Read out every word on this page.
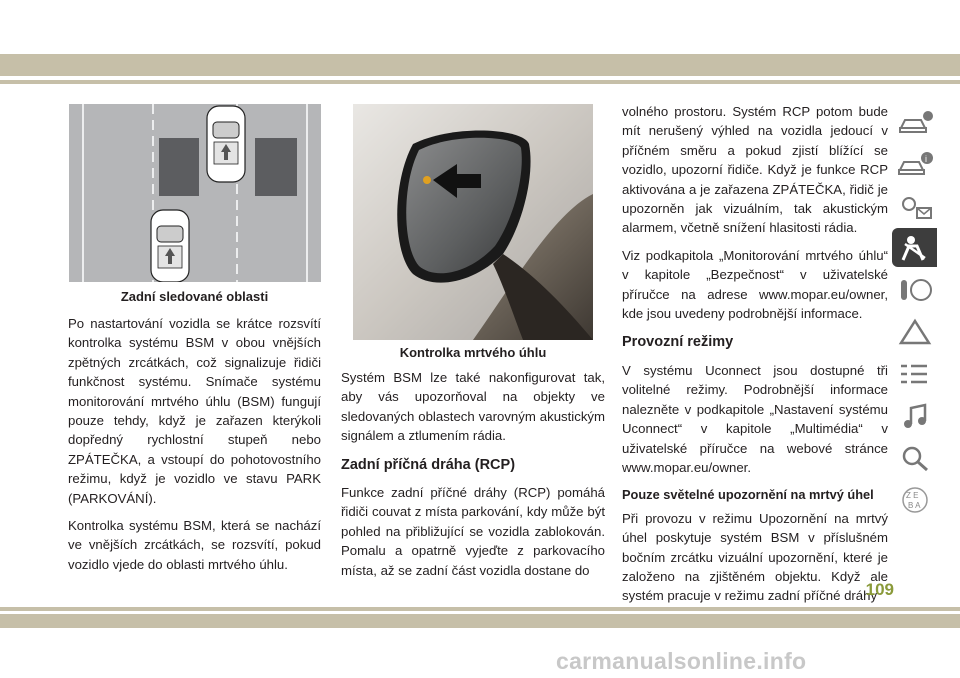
Zadní sledované oblasti
Kontrolka mrtvého úhlu

Po nastartování vozidla se krátce rozsvítí kontrolka systému BSM v obou vnějších zpětných zrcátkách, což signalizuje řidiči funkčnost systému. Snímače systému monitorování mrtvého úhlu (BSM) fungují pouze tehdy, když je zařazen kterýkoli dopředný rychlostní stupeň nebo ZPÁTEČKA, a vstoupí do pohotovostního režimu, když je vozidlo ve stavu PARK (PARKOVÁNÍ).

Kontrolka systému BSM, která se nachází ve vnějších zrcátkách, se rozsvítí, pokud vozidlo vjede do oblasti mrtvého úhlu.

Systém BSM lze také nakonfigurovat tak, aby vás upozorňoval na objekty ve sledovaných oblastech varovným akustickým signálem a ztlumením rádia.

Zadní příčná dráha (RCP)

Funkce zadní příčné dráhy (RCP) pomáhá řidiči couvat z místa parkování, kdy může být pohled na přibližující se vozidla zablokován. Pomalu a opatrně vyjeďte z parkovacího místa, až se zadní část vozidla dostane do

volného prostoru. Systém RCP potom bude mít nerušený výhled na vozidla jedoucí v příčném směru a pokud zjistí blížící se vozidlo, upozorní řidiče. Když je funkce RCP aktivována a je zařazena ZPÁTEČKA, řidič je upozorněn jak vizuálním, tak akustickým alarmem, včetně snížení hlasitosti rádia.

Viz podkapitola „Monitorování mrtvého úhlu“ v kapitole „Bezpečnost“ v uživatelské příručce na adrese www.mopar.eu/owner, kde jsou uvedeny podrobnější informace.

Provozní režimy

V systému Uconnect jsou dostupné tři volitelné režimy. Podrobnější informace nalezněte v podkapitole „Nastavení systému Uconnect“ v kapitole „Multimédia“ v uživatelské příručce na webové stránce www.mopar.eu/owner.

Pouze světelné upozornění na mrtvý úhel

Při provozu v režimu Upozornění na mrtvý úhel poskytuje systém BSM v příslušném bočním zrcátku vizuální upozornění, které je založeno na zjištěném objektu. Když ale systém pracuje v režimu zadní příčné dráhy

i
Z E
B A
109
carmanualsonline.info
